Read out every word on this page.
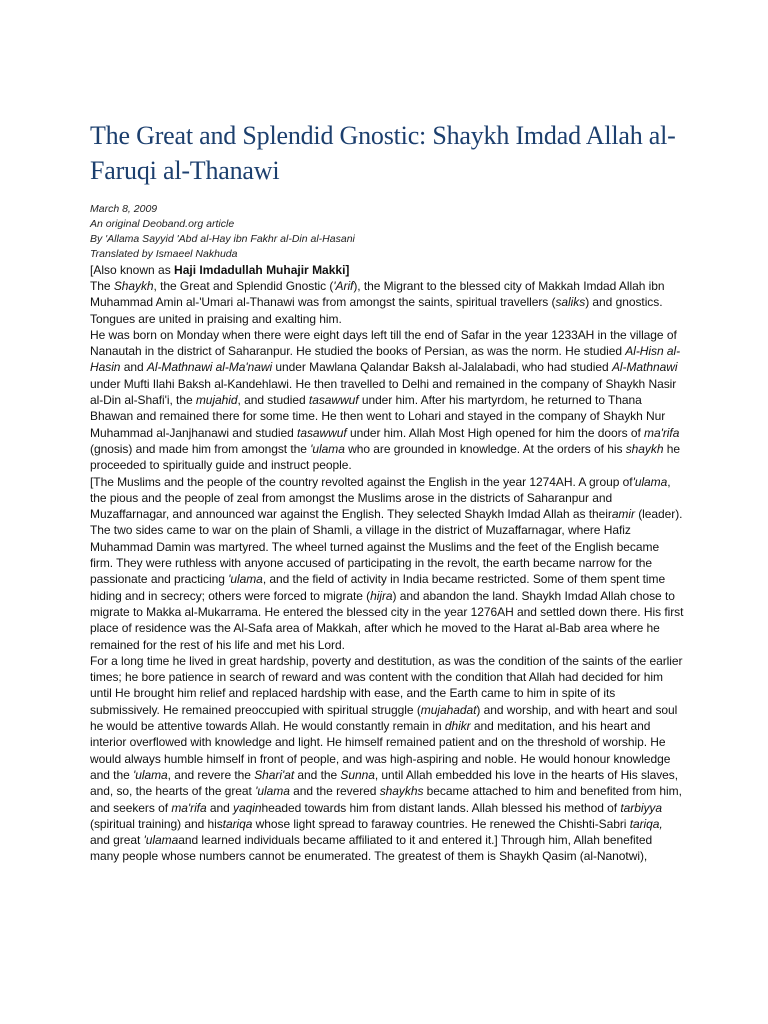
The Great and Splendid Gnostic: Shaykh Imdad Allah al-Faruqi al-Thanawi
March 8, 2009
An original Deoband.org article
By 'Allama Sayyid 'Abd al-Hay ibn Fakhr al-Din al-Hasani
Translated by Ismaeel Nakhuda
[Also known as Haji Imdadullah Muhajir Makki]

The Shaykh, the Great and Splendid Gnostic ('Arif), the Migrant to the blessed city of Makkah Imdad Allah ibn Muhammad Amin al-'Umari al-Thanawi was from amongst the saints, spiritual travellers (saliks) and gnostics. Tongues are united in praising and exalting him.

He was born on Monday when there were eight days left till the end of Safar in the year 1233AH in the village of Nanautah in the district of Saharanpur. He studied the books of Persian, as was the norm. He studied Al-Hisn al-Hasin and Al-Mathnawi al-Ma'nawi under Mawlana Qalandar Baksh al-Jalalabadi, who had studied Al-Mathnawi under Mufti Ilahi Baksh al-Kandehlawi. He then travelled to Delhi and remained in the company of Shaykh Nasir al-Din al-Shafi'i, the mujahid, and studied tasawwuf under him. After his martyrdom, he returned to Thana Bhawan and remained there for some time. He then went to Lohari and stayed in the company of Shaykh Nur Muhammad al-Janjhanawi and studied tasawwuf under him. Allah Most High opened for him the doors of ma'rifa (gnosis) and made him from amongst the 'ulama who are grounded in knowledge. At the orders of his shaykh he proceeded to spiritually guide and instruct people.

[The Muslims and the people of the country revolted against the English in the year 1274AH. A group of'ulama, the pious and the people of zeal from amongst the Muslims arose in the districts of Saharanpur and Muzaffarnagar, and announced war against the English. They selected Shaykh Imdad Allah as theiramir (leader). The two sides came to war on the plain of Shamli, a village in the district of Muzaffarnagar, where Hafiz Muhammad Damin was martyred. The wheel turned against the Muslims and the feet of the English became firm. They were ruthless with anyone accused of participating in the revolt, the earth became narrow for the passionate and practicing 'ulama, and the field of activity in India became restricted. Some of them spent time hiding and in secrecy; others were forced to migrate (hijra) and abandon the land. Shaykh Imdad Allah chose to migrate to Makka al-Mukarrama. He entered the blessed city in the year 1276AH and settled down there. His first place of residence was the Al-Safa area of Makkah, after which he moved to the Harat al-Bab area where he remained for the rest of his life and met his Lord.

For a long time he lived in great hardship, poverty and destitution, as was the condition of the saints of the earlier times; he bore patience in search of reward and was content with the condition that Allah had decided for him until He brought him relief and replaced hardship with ease, and the Earth came to him in spite of its submissively. He remained preoccupied with spiritual struggle (mujahadat) and worship, and with heart and soul he would be attentive towards Allah. He would constantly remain in dhikr and meditation, and his heart and interior overflowed with knowledge and light. He himself remained patient and on the threshold of worship. He would always humble himself in front of people, and was high-aspiring and noble. He would honour knowledge and the 'ulama, and revere the Shari'at and the Sunna, until Allah embedded his love in the hearts of His slaves, and, so, the hearts of the great 'ulama and the revered shaykhs became attached to him and benefited from him, and seekers of ma'rifa and yaqinheaded towards him from distant lands. Allah blessed his method of tarbiyya (spiritual training) and histariqa whose light spread to faraway countries. He renewed the Chishti-Sabri tariqa, and great 'ulamaand learned individuals became affiliated to it and entered it.] Through him, Allah benefited many people whose numbers cannot be enumerated. The greatest of them is Shaykh Qasim (al-Nanotwi),
